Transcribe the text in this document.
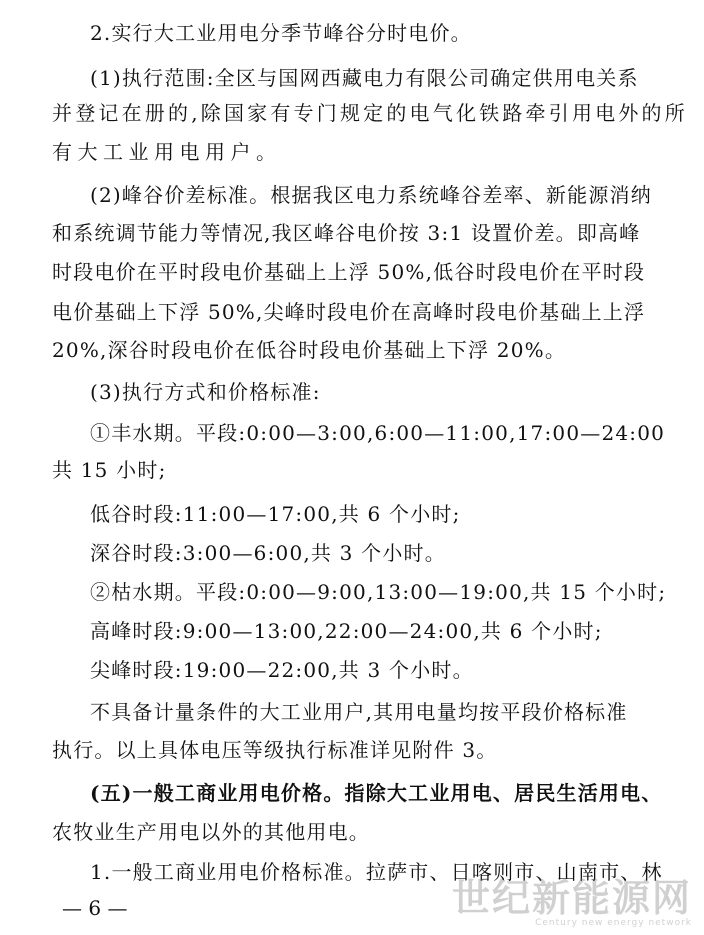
2.实行大工业用电分季节峰谷分时电价。
(1)执行范围:全区与国网西藏电力有限公司确定供用电关系
并登记在册的,除国家有专门规定的电气化铁路牵引用电外的所
有大工业用电用户。
(2)峰谷价差标准。根据我区电力系统峰谷差率、新能源消纳
和系统调节能力等情况,我区峰谷电价按 3:1 设置价差。即高峰
时段电价在平时段电价基础上上浮 50%,低谷时段电价在平时段
电价基础上下浮 50%,尖峰时段电价在高峰时段电价基础上上浮
20%,深谷时段电价在低谷时段电价基础上下浮 20%。
(3)执行方式和价格标准:
①丰水期。平段:0:00—3:00,6:00—11:00,17:00—24:00
共 15 小时;
低谷时段:11:00—17:00,共 6 个小时;
深谷时段:3:00—6:00,共 3 个小时。
②枯水期。平段:0:00—9:00,13:00—19:00,共 15 个小时;
高峰时段:9:00—13:00,22:00—24:00,共 6 个小时;
尖峰时段:19:00—22:00,共 3 个小时。
不具备计量条件的大工业用户,其用电量均按平段价格标准
执行。以上具体电压等级执行标准详见附件 3。
(五)一般工商业用电价格。指除大工业用电、居民生活用电、
农牧业生产用电以外的其他用电。
1.一般工商业用电价格标准。拉萨市、日喀则市、山南市、林
— 6 —	世纪新能源网
Century new energy network
